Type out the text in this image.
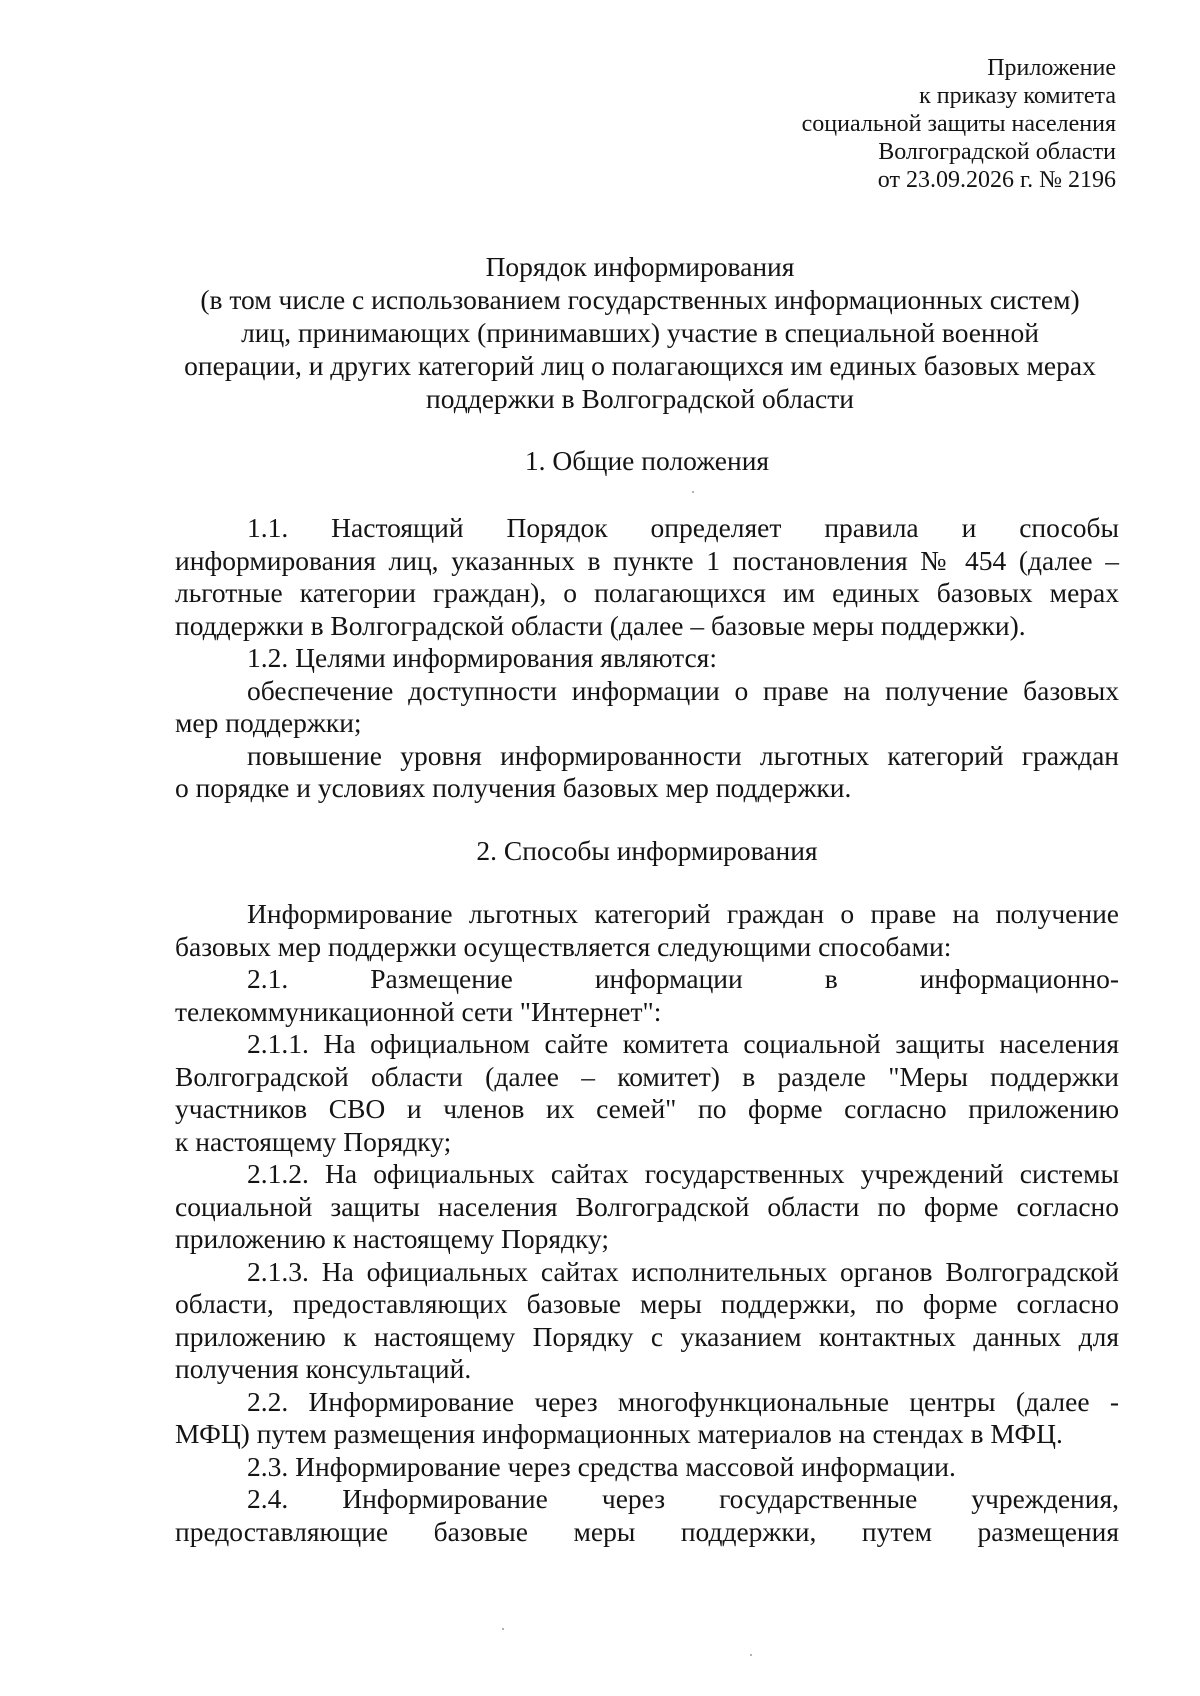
Приложение
к приказу комитета
социальной защиты населения
Волгоградской области
от 23.09.2026 г. № 2196
Порядок информирования
(в том числе с использованием государственных информационных систем)
лиц, принимающих (принимавших) участие в специальной военной
операции, и других категорий лиц о полагающихся им единых базовых мерах
поддержки в Волгоградской области
1. Общие положения
1.1. Настоящий Порядок определяет правила и способы
информирования лиц, указанных в пункте 1 постановления № 454 (далее –
льготные категории граждан), о полагающихся им единых базовых мерах
поддержки в Волгоградской области (далее – базовые меры поддержки).
1.2. Целями информирования являются:
обеспечение доступности информации о праве на получение базовых
мер поддержки;
повышение уровня информированности льготных категорий граждан
о порядке и условиях получения базовых мер поддержки.
2. Способы информирования
Информирование льготных категорий граждан о праве на получение
базовых мер поддержки осуществляется следующими способами:
2.1. Размещение информации в информационно-
телекоммуникационной сети "Интернет":
2.1.1. На официальном сайте комитета социальной защиты населения
Волгоградской области (далее – комитет) в разделе "Меры поддержки
участников СВО и членов их семей" по форме согласно приложению
к настоящему Порядку;
2.1.2. На официальных сайтах государственных учреждений системы
социальной защиты населения Волгоградской области по форме согласно
приложению к настоящему Порядку;
2.1.3. На официальных сайтах исполнительных органов Волгоградской
области, предоставляющих базовые меры поддержки, по форме согласно
приложению к настоящему Порядку с указанием контактных данных для
получения консультаций.
2.2. Информирование через многофункциональные центры (далее -
МФЦ) путем размещения информационных материалов на стендах в МФЦ.
2.3. Информирование через средства массовой информации.
2.4. Информирование через государственные учреждения,
предоставляющие базовые меры поддержки, путем размещения
